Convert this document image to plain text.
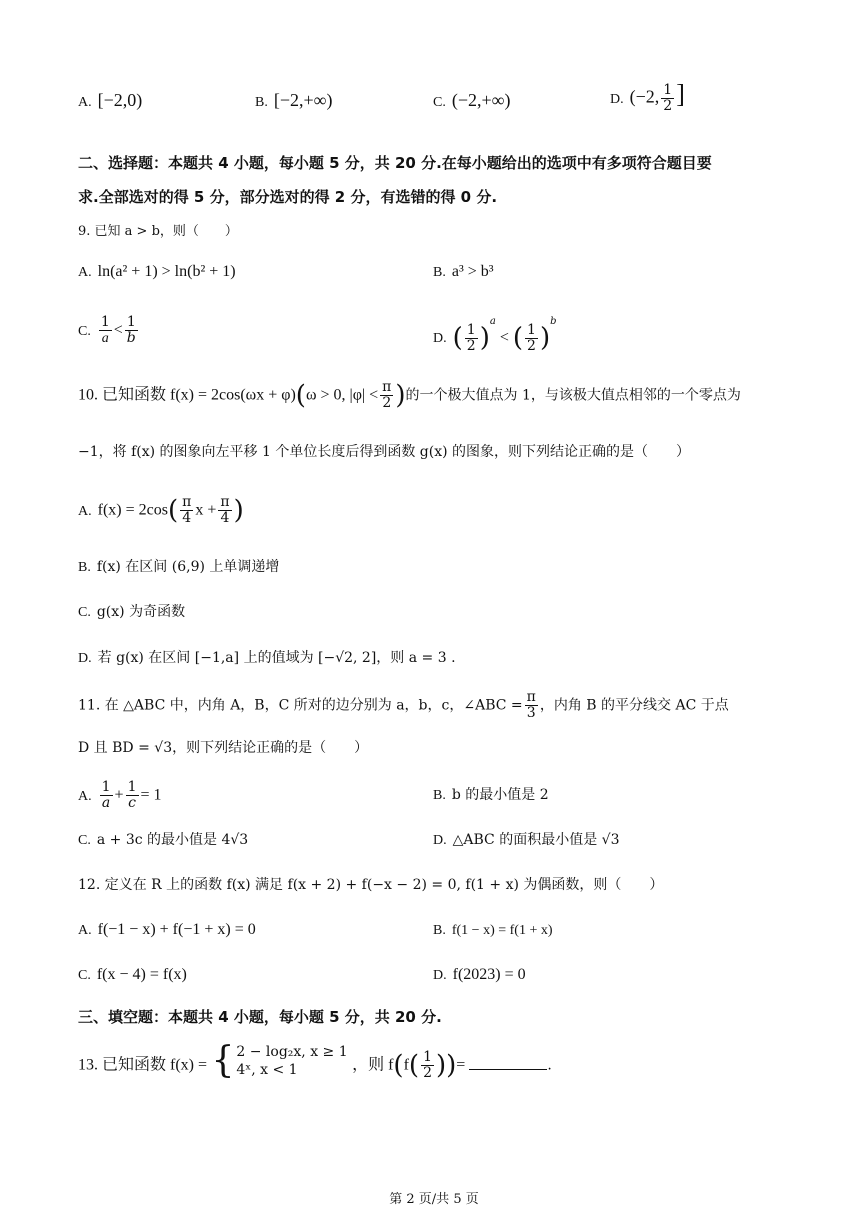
A. [−2,0)	B. [−2,+∞)	C. (−2,+∞)	D. (−2, $\frac{1}{2}$ ]
二、选择题：本题共 4 小题，每小题 5 分，共 20 分.在每小题给出的选项中有多项符合题目要
求.全部选对的得 5 分，部分选对的得 2 分，有选错的得 0 分.
9. 已知 a > b，则（　　）
A. ln(a² + 1) > ln(b² + 1)	B. a³ > b³
C. $\frac{1}{a} < \frac{1}{b}$	D. ( $\frac{1}{2} )^a<$ ( $\frac{1}{2} )^b$
10. 已知函数 f(x) = 2cos(ωx + φ)(ω > 0, $|\varphi| < \frac{\pi}{2}$ )的一个极大值点为 1，与该极大值点相邻的一个零点为
−1，将 f(x) 的图象向左平移 1 个单位长度后得到函数 g(x) 的图象，则下列结论正确的是（　　）
A. $f(x) = 2\cos( \frac{\pi}{4}$ $x + \frac{\pi}{4}$ )
B. f(x) 在区间 (6,9) 上单调递增
C. g(x) 为奇函数
D. 若 g(x) 在区间 [−1,a] 上的值域为 [−√2, 2]，则 a = 3 .
11. 在 △ABC 中，内角 A，B，C 所对的边分别为 a，b，c，∠ABC = $\frac{\pi}{3}$ ，内角 B 的平分线交 AC 于点
D 且 BD = √3，则下列结论正确的是（　　）
A. $\frac{1}{a} + \frac{1}{c} = 1$	B. b 的最小值是 2
C. a + 3c 的最小值是 4√3	D. △ABC 的面积最小值是 √3
12. 定义在 R 上的函数 f(x) 满足 f(x + 2) + f(−x − 2) = 0, f(1 + x) 为偶函数，则（　　）
A. f(−1 − x) + f(−1 + x) = 0	B. f(1 − x) = f(1 + x)
C. f(x − 4) = f(x)	D. f(2023) = 0
三、填空题：本题共 4 小题，每小题 5 分，共 20 分.
13. 已知函数 f(x) = { 2 − log₂x, x ≥ 1
4ˣ, x < 1	，则 $f(f( \frac{1}{2}$ ))=	.
第 2 页/共 5 页
